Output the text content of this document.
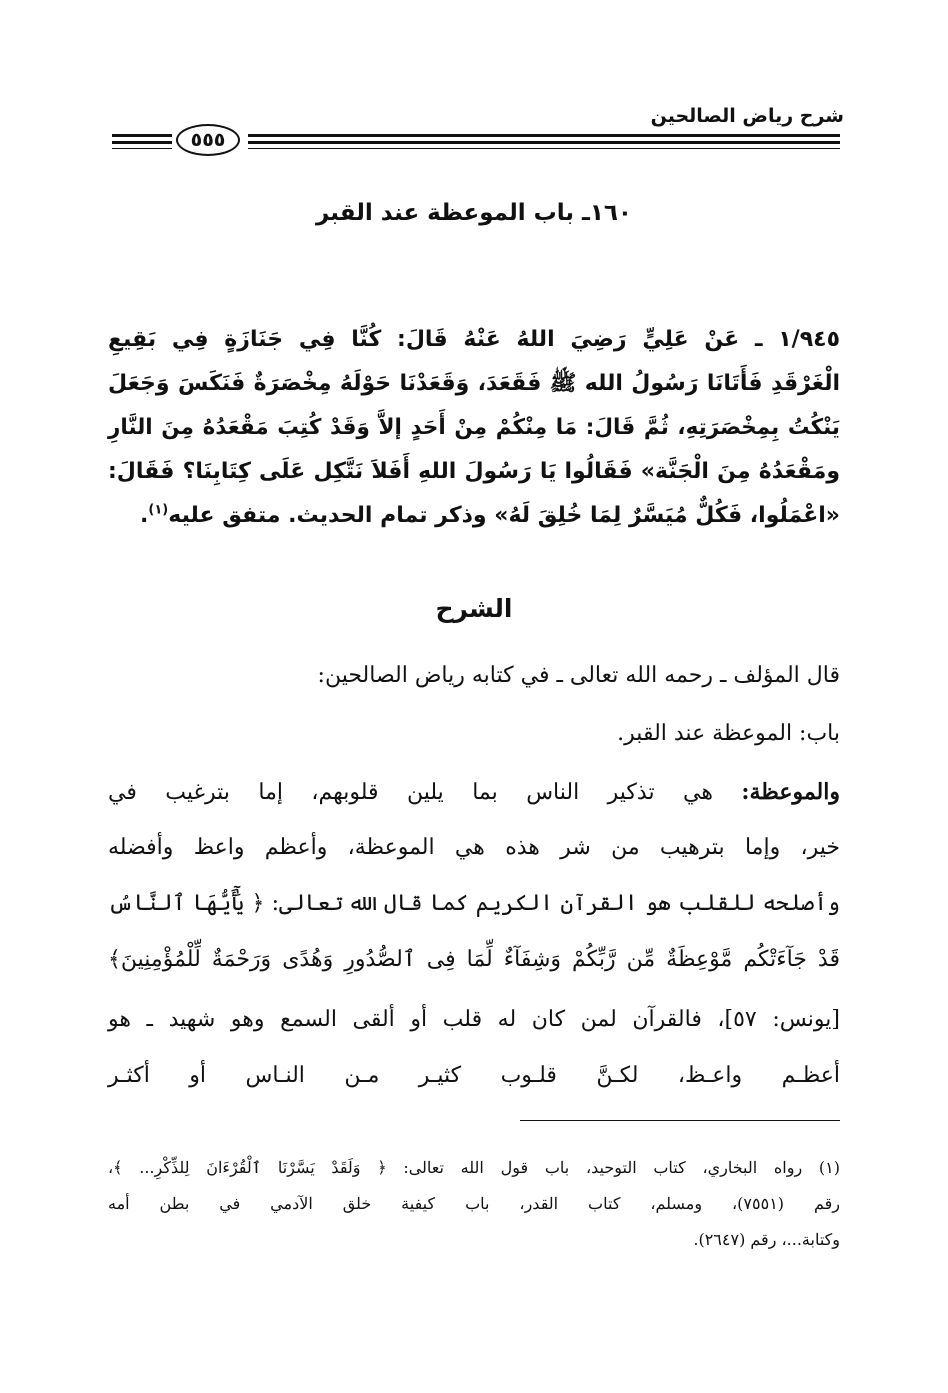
شرح رياض الصالحين
٥٥٥
١٦٠ـ باب الموعظة عند القبر
١/٩٤٥ ـ عَنْ عَلِيٍّ رَضِيَ اللهُ عَنْهُ قَالَ: كُنَّا فِي جَنَازَةٍ فِي بَقِيعِ
الْغَرْقَدِ فَأَتَانَا رَسُولُ الله ﷺ فَقَعَدَ، وَقَعَدْنَا حَوْلَهُ مِخْصَرَةٌ فَنَكَسَ وَجَعَلَ
يَنْكُتُ بِمِخْصَرَتِهِ، ثُمَّ قَالَ: مَا مِنْكُمْ مِنْ أَحَدٍ إلاَّ وَقَدْ كُتِبَ مَقْعَدُهُ مِنَ النَّارِ
ومَقْعَدُهُ مِنَ الْجَنَّة» فَقَالُوا يَا رَسُولَ اللهِ أَفَلاَ نَتَّكِل عَلَى كِتَابِنَا؟ فَقَالَ:
«اعْمَلُوا، فَكُلٌّ مُيَسَّرٌ لِمَا خُلِقَ لَهُ» وذكر تمام الحديث. متفق عليه$^{(١)}$.
الشرح
قال المؤلف ـ رحمه الله تعالى ـ في كتابه رياض الصالحين:
باب: الموعظة عند القبر.
والموعظة: هي تذكير الناس بما يلين قلوبهم، إما بترغيب في
خير، وإما بترهيب من شر هذه هي الموعظة، وأعظم واعظ وأفضله
وأصلحه للقلب هو القرآن الكريم كما قال الله تعالى: ﴿ يَٰٓأَيُّهَا ٱلنَّاسُ
قَدْ جَآءَتْكُم مَّوْعِظَةٌ مِّن رَّبِّكُمْ وَشِفَآءٌ لِّمَا فِى ٱلصُّدُورِ وَهُدًى وَرَحْمَةٌ لِّلْمُؤْمِنِينَ﴾
[يونس: ٥٧]، فالقرآن لمن كان له قلب أو ألقى السمع وهو شهيد ـ هو
أعظـم واعـظ، لكـنَّ قلـوب كثيـر مـن النـاس أو أكثـر
(١) رواه البخاري، كتاب التوحيد، باب قول الله تعالى: ﴿ وَلَقَدْ يَسَّرْنَا ٱلْقُرْءَانَ لِلذِّكْرِ... ﴾،
رقم (٧٥٥١)، ومسلم، كتاب القدر، باب كيفية خلق الآدمي في بطن أمه
وكتابة...، رقم (٢٦٤٧).
